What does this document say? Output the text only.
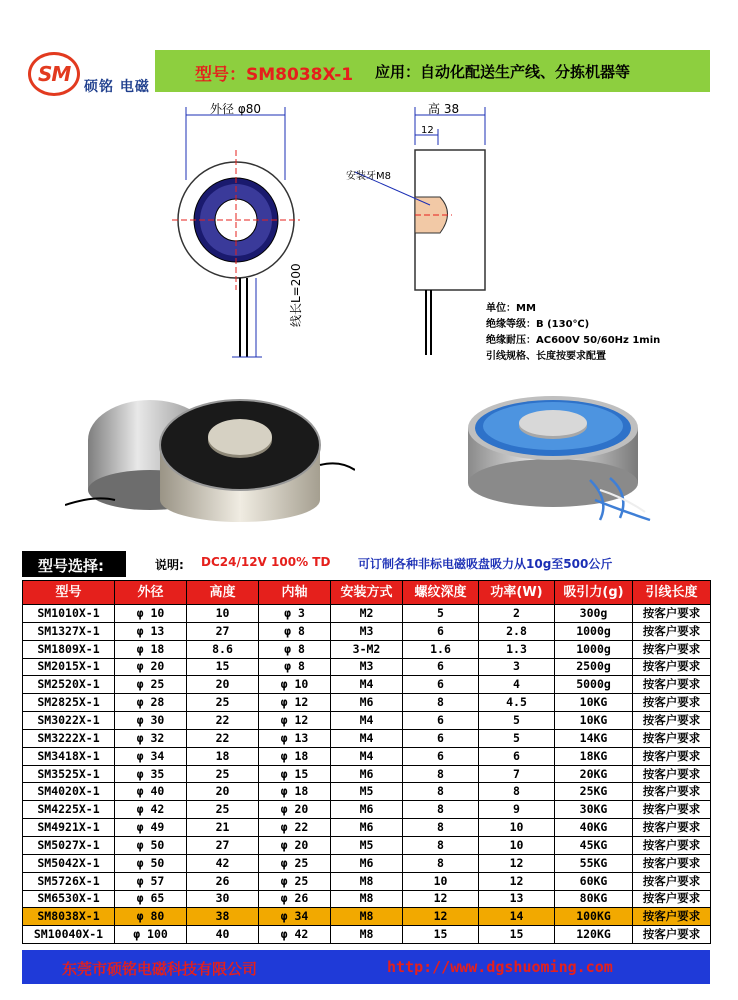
SM
硕铭 电磁
型号：SM8038X-1 应用：自动化配送生产线、分拣机器等
外径 φ80	高 38
12
安装牙M8
线长L=200	单位：MM
绝缘等级：B (130℃)
绝缘耐压：AC600V 50/60Hz 1min
引线规格、长度按要求配置
型号选择:	说明: DC24/12V 100% TD 可订制各种非标电磁吸盘吸力从10g至500公斤
型号	外径	高度	内轴	安装方式	螺纹深度	功率(W)	吸引力(g)	引线长度
SM1010X-1	φ 10	10	φ 3	M2	5	2	300g	按客户要求
SM1327X-1	φ 13	27	φ 8	M3	6	2.8	1000g	按客户要求
SM1809X-1	φ 18	8.6	φ 8	3-M2	1.6	1.3	1000g	按客户要求
SM2015X-1	φ 20	15	φ 8	M3	6	3	2500g	按客户要求
SM2520X-1	φ 25	20	φ 10	M4	6	4	5000g	按客户要求
SM2825X-1	φ 28	25	φ 12	M6	8	4.5	10KG	按客户要求
SM3022X-1	φ 30	22	φ 12	M4	6	5	10KG	按客户要求
SM3222X-1	φ 32	22	φ 13	M4	6	5	14KG	按客户要求
SM3418X-1	φ 34	18	φ 18	M4	6	6	18KG	按客户要求
SM3525X-1	φ 35	25	φ 15	M6	8	7	20KG	按客户要求
SM4020X-1	φ 40	20	φ 18	M5	8	8	25KG	按客户要求
SM4225X-1	φ 42	25	φ 20	M6	8	9	30KG	按客户要求
SM4921X-1	φ 49	21	φ 22	M6	8	10	40KG	按客户要求
SM5027X-1	φ 50	27	φ 20	M5	8	10	45KG	按客户要求
SM5042X-1	φ 50	42	φ 25	M6	8	12	55KG	按客户要求
SM5726X-1	φ 57	26	φ 25	M8	10	12	60KG	按客户要求
SM6530X-1	φ 65	30	φ 26	M8	12	13	80KG	按客户要求
SM8038X-1	φ 80	38	φ 34	M8	12	14	100KG	按客户要求
SM10040X-1	φ 100	40	φ 42	M8	15	15	120KG	按客户要求
东莞市硕铭电磁科技有限公司	http://www.dgshuoming.com
